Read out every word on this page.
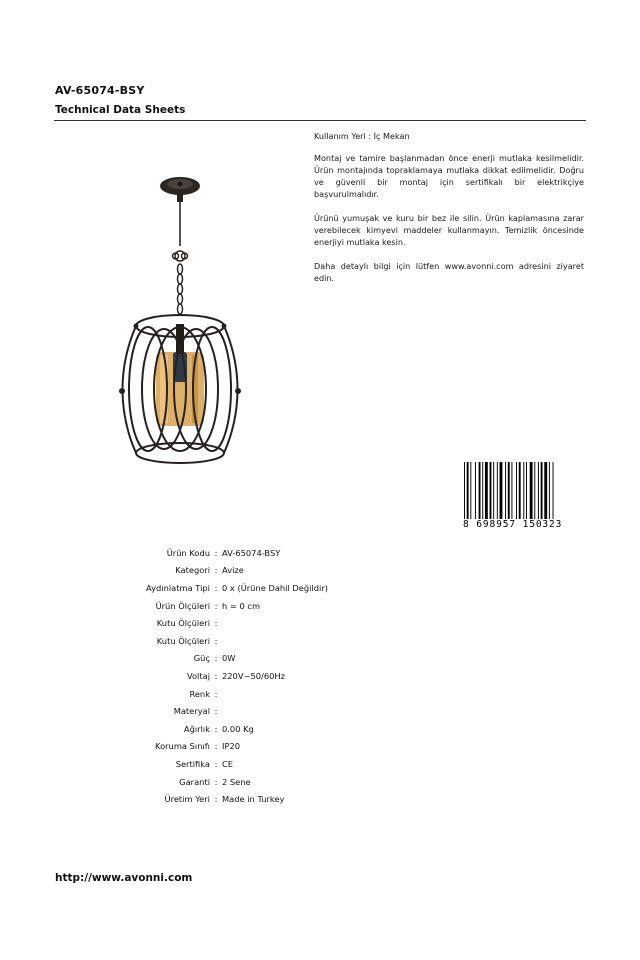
AV-65074-BSY
Technical Data Sheets

Kullanım Yeri : İç Mekan

Montaj ve tamire başlanmadan önce enerji mutlaka kesilmelidir. Ürün montajında topraklamaya mutlaka dikkat edilmelidir. Doğru ve güvenli bir montaj için sertifikalı bir elektrikçiye başvurulmalıdır.

Ürünü yumuşak ve kuru bir bez ile silin. Ürün kaplamasına zarar verebilecek kimyevi maddeler kullanmayın. Temizlik öncesinde enerjiyi mutlaka kesin.

Daha detaylı bilgi için lütfen www.avonni.com adresini ziyaret edin.

8 698957 150323
Ürün Kodu : AV-65074-BSY
Kategori : Avize
Aydınlatma Tipi : 0 x (Ürüne Dahil Değildir)
Ürün Ölçüleri : h = 0 cm
Kutu Ölçüleri :
Kutu Ölçüleri :
Güç : 0W
Voltaj : 220V~50/60Hz
Renk :
Materyal :
Ağırlık : 0.00 Kg
Koruma Sınıfı : IP20
Sertifika : CE
Garanti : 2 Sene
Üretim Yeri : Made in Turkey
http://www.avonni.com
